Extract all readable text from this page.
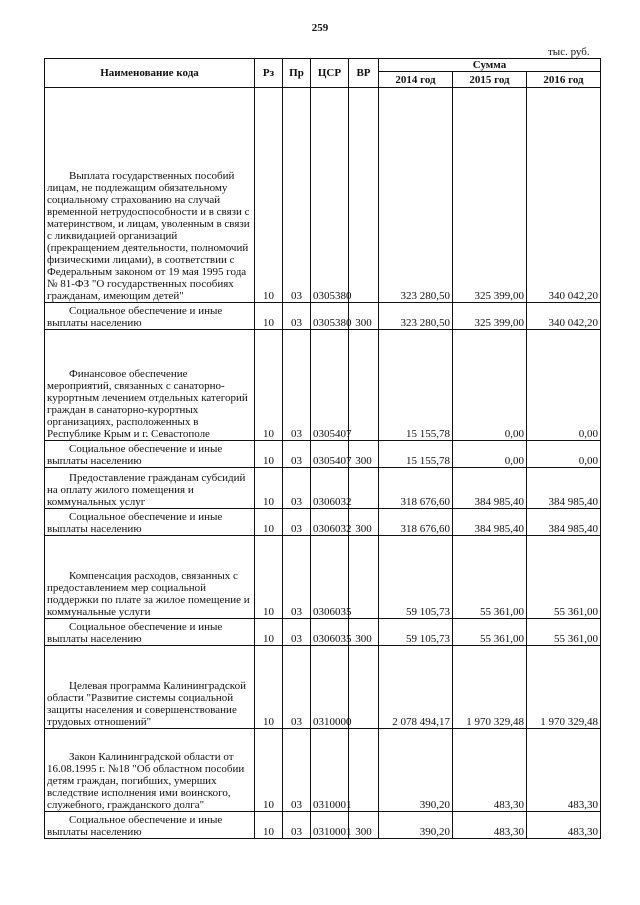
259
тыс. руб.
Наименование кода	Рз	Пр	ЦСР	ВР	Сумма		
					2014 год	2015 год	2016 год
Выплата государственных пособий лицам, не подлежащим обязательному социальному страхованию на случай временной нетрудоспособности и в связи с материнством, и лицам, уволенным в связи с ликвидацией организаций (прекращением деятельности, полномочий физическими лицами), в соответствии с Федеральным законом от 19 мая 1995 года № 81-ФЗ "О государственных пособиях гражданам, имеющим детей"	10	03	0305380		323 280,50	325 399,00	340 042,20
Социальное обеспечение и иные выплаты населению	10	03	0305380	300	323 280,50	325 399,00	340 042,20
Финансовое обеспечение мероприятий, связанных с санаторно-курортным лечением отдельных категорий граждан в санаторно-курортных организациях, расположенных в Республике Крым и г. Севастополе	10	03	0305407		15 155,78	0,00	0,00
Социальное обеспечение и иные выплаты населению	10	03	0305407	300	15 155,78	0,00	0,00
Предоставление гражданам субсидий на оплату жилого помещения и коммунальных услуг	10	03	0306032		318 676,60	384 985,40	384 985,40
Социальное обеспечение и иные выплаты населению	10	03	0306032	300	318 676,60	384 985,40	384 985,40
Компенсация расходов, связанных с предоставлением мер социальной поддержки по плате за жилое помещение и коммунальные услуги	10	03	0306035		59 105,73	55 361,00	55 361,00
Социальное обеспечение и иные выплаты населению	10	03	0306035	300	59 105,73	55 361,00	55 361,00
Целевая программа Калининградской области "Развитие системы социальной защиты населения и совершенствование трудовых отношений"	10	03	0310000		2 078 494,17	1 970 329,48	1 970 329,48
Закон Калининградской области от 16.08.1995 г. №18 "Об областном пособии детям граждан, погибших, умерших вследствие исполнения ими воинского, служебного, гражданского долга"	10	03	0310001		390,20	483,30	483,30
Социальное обеспечение и иные выплаты населению	10	03	0310001	300	390,20	483,30	483,30
